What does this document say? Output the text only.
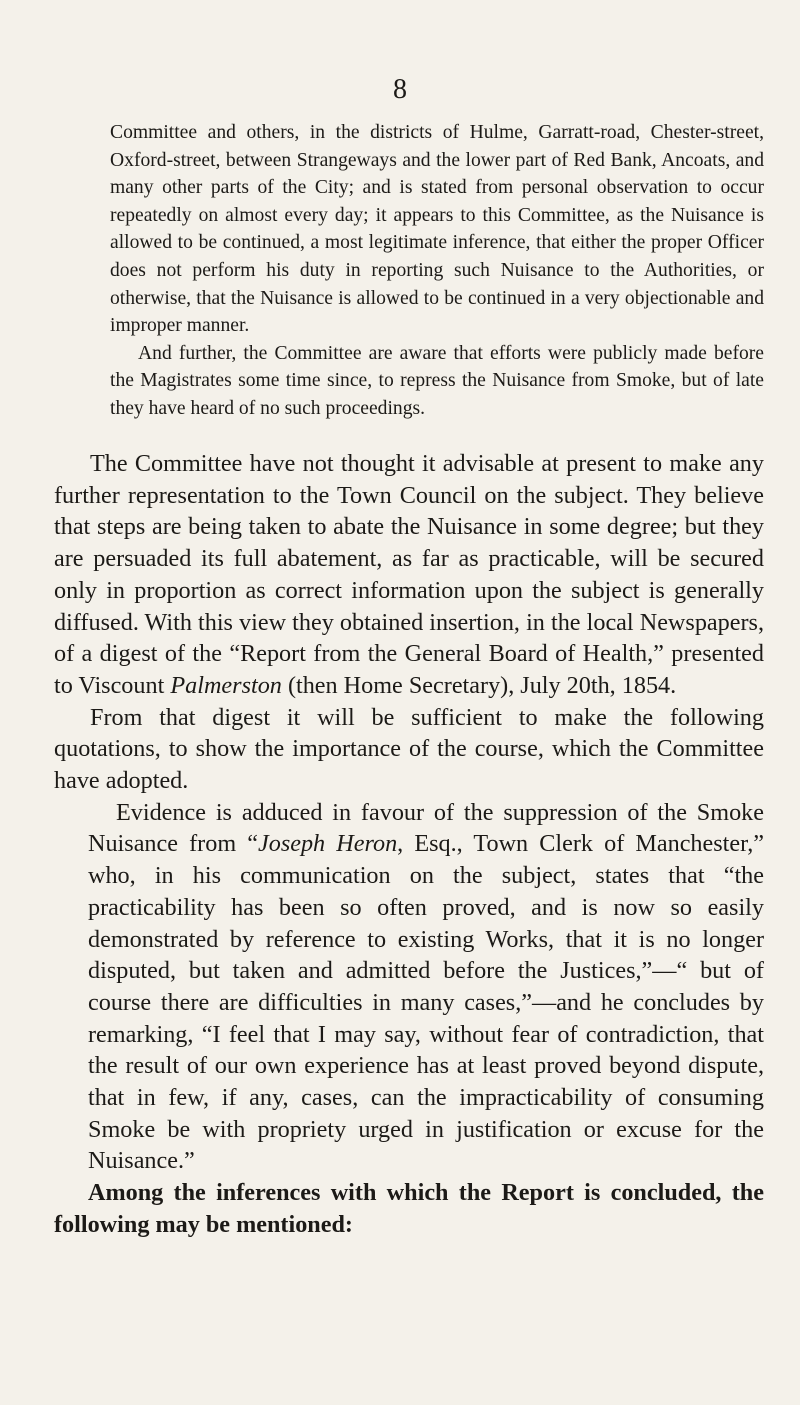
8

Committee and others, in the districts of Hulme, Garratt-road, Chester-street, Oxford-street, between Strangeways and the lower part of Red Bank, Ancoats, and many other parts of the City; and is stated from personal observation to occur repeatedly on almost every day; it appears to this Committee, as the Nuisance is allowed to be continued, a most legitimate inference, that either the proper Officer does not perform his duty in reporting such Nuisance to the Authorities, or otherwise, that the Nuisance is allowed to be continued in a very objectionable and improper manner.

And further, the Committee are aware that efforts were publicly made before the Magistrates some time since, to repress the Nuisance from Smoke, but of late they have heard of no such proceedings.

The Committee have not thought it advisable at present to make any further representation to the Town Council on the subject. They believe that steps are being taken to abate the Nuisance in some degree; but they are persuaded its full abatement, as far as practicable, will be secured only in proportion as correct information upon the subject is generally diffused. With this view they obtained insertion, in the local Newspapers, of a digest of the “Report from the General Board of Health,” presented to Viscount Palmerston (then Home Secretary), July 20th, 1854.

From that digest it will be sufficient to make the following quotations, to show the importance of the course, which the Committee have adopted.

Evidence is adduced in favour of the suppression of the Smoke Nuisance from “Joseph Heron, Esq., Town Clerk of Manchester,” who, in his communication on the subject, states that “the practicability has been so often proved, and is now so easily demonstrated by reference to existing Works, that it is no longer disputed, but taken and admitted before the Justices,”—“ but of course there are difficulties in many cases,”—and he concludes by remarking, “I feel that I may say, without fear of contradiction, that the result of our own experience has at least proved beyond dispute, that in few, if any, cases, can the impracticability of consuming Smoke be with propriety urged in justification or excuse for the Nuisance.”

Among the inferences with which the Report is concluded, the following may be mentioned:
